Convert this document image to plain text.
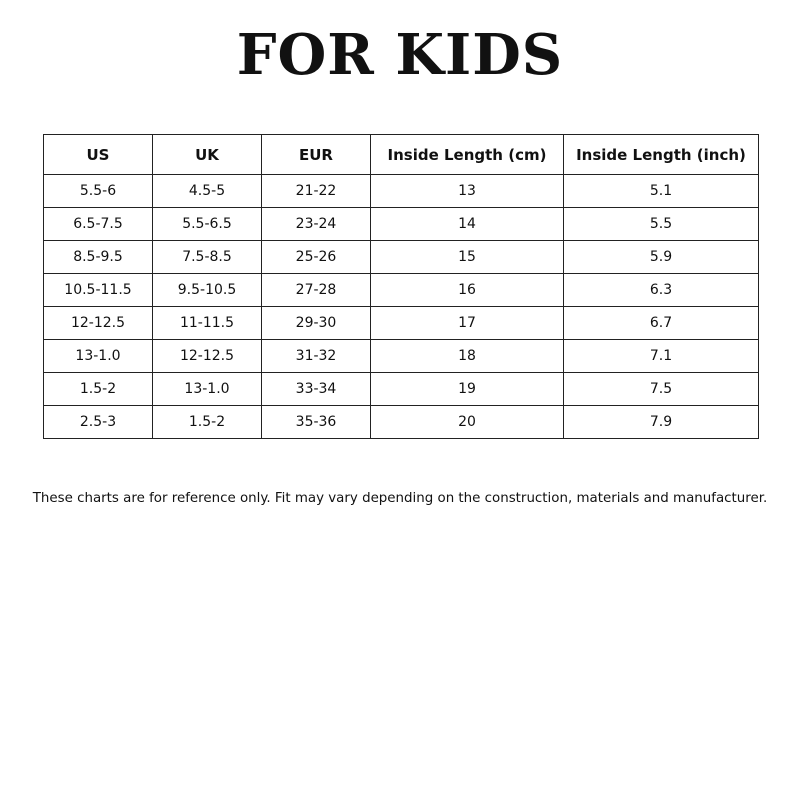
FOR KIDS
US	UK	EUR	Inside Length (cm)	Inside Length (inch)
5.5-6	4.5-5	21-22	13	5.1
6.5-7.5	5.5-6.5	23-24	14	5.5
8.5-9.5	7.5-8.5	25-26	15	5.9
10.5-11.5	9.5-10.5	27-28	16	6.3
12-12.5	11-11.5	29-30	17	6.7
13-1.0	12-12.5	31-32	18	7.1
1.5-2	13-1.0	33-34	19	7.5
2.5-3	1.5-2	35-36	20	7.9

These charts are for reference only. Fit may vary depending on the construction, materials and manufacturer.
